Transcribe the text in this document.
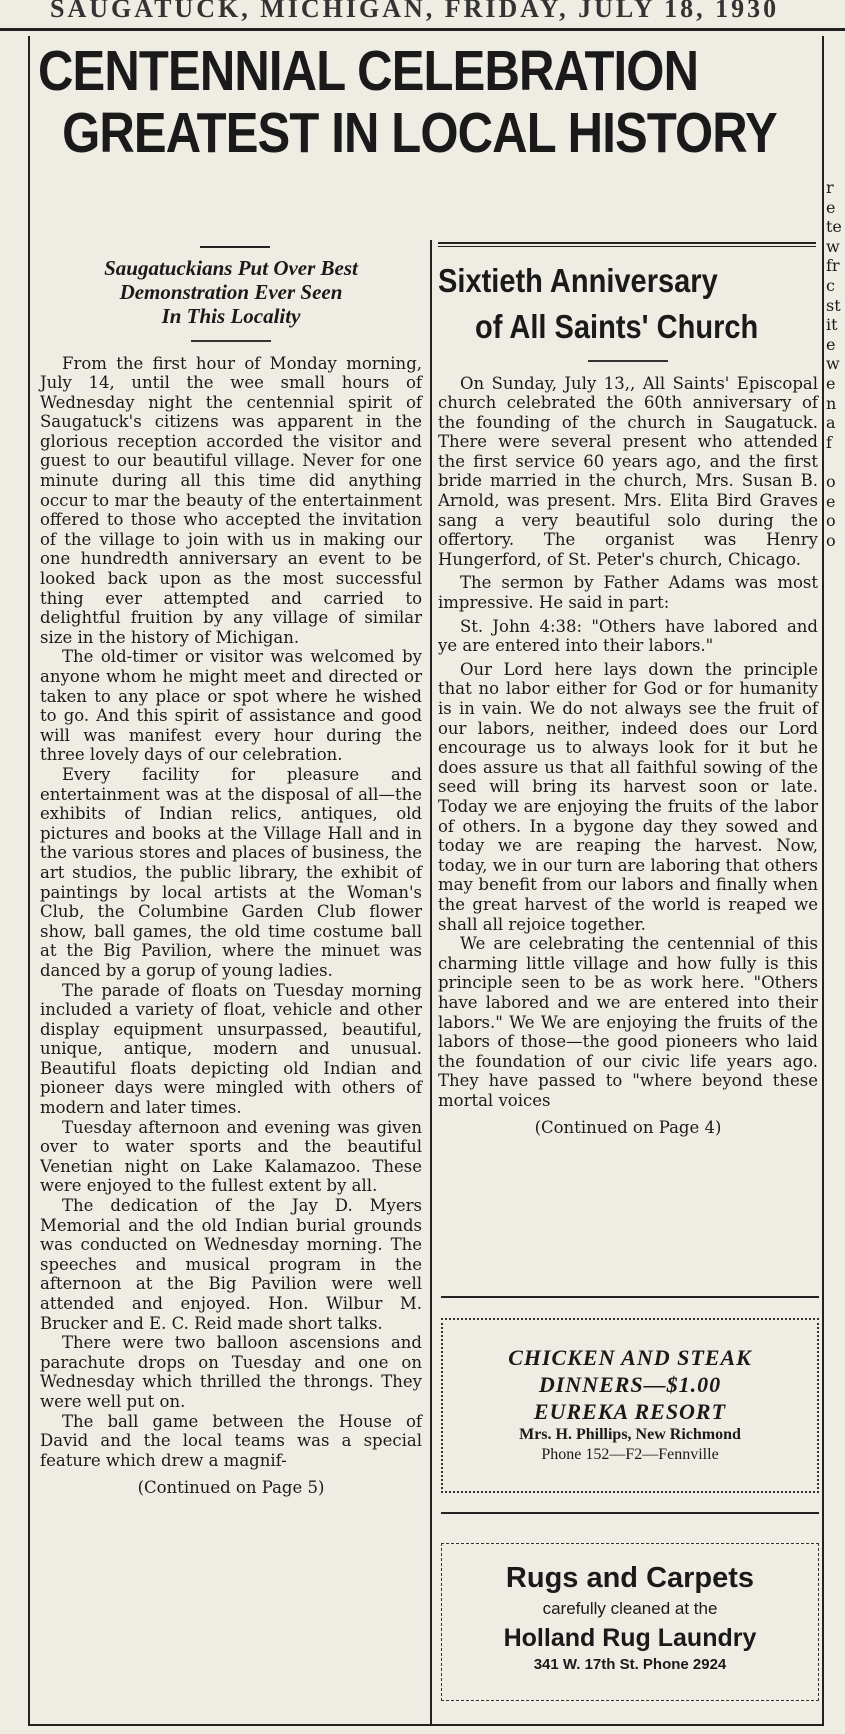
SAUGATUCK, MICHIGAN, FRIDAY, JULY 18, 1930
CENTENNIAL CELEBRATION
GREATEST IN LOCAL HISTORY
Saugatuckians Put Over Best
Demonstration Ever Seen
In This Locality

From the first hour of Monday morning, July 14, until the wee small hours of Wednesday night the centennial spirit of Saugatuck's citizens was apparent in the glorious reception accorded the visitor and guest to our beautiful village. Never for one minute during all this time did anything occur to mar the beauty of the entertainment offered to those who accepted the invitation of the village to join with us in making our one hundredth anniversary an event to be looked back upon as the most successful thing ever attempted and carried to delightful fruition by any village of similar size in the history of Michigan.

The old-timer or visitor was welcomed by anyone whom he might meet and directed or taken to any place or spot where he wished to go. And this spirit of assistance and good will was manifest every hour during the three lovely days of our celebration.

Every facility for pleasure and entertainment was at the disposal of all—the exhibits of Indian relics, antiques, old pictures and books at the Village Hall and in the various stores and places of business, the art studios, the public library, the exhibit of paintings by local artists at the Woman's Club, the Columbine Garden Club flower show, ball games, the old time costume ball at the Big Pavilion, where the minuet was danced by a gorup of young ladies.

The parade of floats on Tuesday morning included a variety of float, vehicle and other display equipment unsurpassed, beautiful, unique, antique, modern and unusual. Beautiful floats depicting old Indian and pioneer days were mingled with others of modern and later times.

Tuesday afternoon and evening was given over to water sports and the beautiful Venetian night on Lake Kalamazoo. These were enjoyed to the fullest extent by all.

The dedication of the Jay D. Myers Memorial and the old Indian burial grounds was conducted on Wednesday morning. The speeches and musical program in the afternoon at the Big Pavilion were well attended and enjoyed. Hon. Wilbur M. Brucker and E. C. Reid made short talks.

There were two balloon ascensions and parachute drops on Tuesday and one on Wednesday which thrilled the throngs. They were well put on.

The ball game between the House of David and the local teams was a special feature which drew a magnif-

(Continued on Page 5)
Sixtieth Anniversary
of All Saints' Church

On Sunday, July 13,, All Saints' Episcopal church celebrated the 60th anniversary of the founding of the church in Saugatuck. There were several present who attended the first service 60 years ago, and the first bride married in the church, Mrs. Susan B. Arnold, was present. Mrs. Elita Bird Graves sang a very beautiful solo during the offertory. The organist was Henry Hungerford, of St. Peter's church, Chicago.

The sermon by Father Adams was most impressive. He said in part:

St. John 4:38: "Others have labored and ye are entered into their labors."

Our Lord here lays down the principle that no labor either for God or for humanity is in vain. We do not always see the fruit of our labors, neither, indeed does our Lord encourage us to always look for it but he does assure us that all faithful sowing of the seed will bring its harvest soon or late. Today we are enjoying the fruits of the labor of others. In a bygone day they sowed and today we are reaping the harvest. Now, today, we in our turn are laboring that others may benefit from our labors and finally when the great harvest of the world is reaped we shall all rejoice together.

We are celebrating the centennial of this charming little village and how fully is this principle seen to be as work here. "Others have labored and we are entered into their labors." We We are enjoying the fruits of the labors of those—the good pioneers who laid the foundation of our civic life years ago. They have passed to "where beyond these mortal voices

(Continued on Page 4)
CHICKEN AND STEAK
DINNERS—$1.00
EUREKA RESORT
Mrs. H. Phillips, New Richmond
Phone 152—F2—Fennville
Rugs and Carpets
carefully cleaned at the
Holland Rug Laundry
341 W. 17th St. Phone 2924
r
e
te
w
fr
c
st
it
e
w
e
n
a
f

o
e
o
o
